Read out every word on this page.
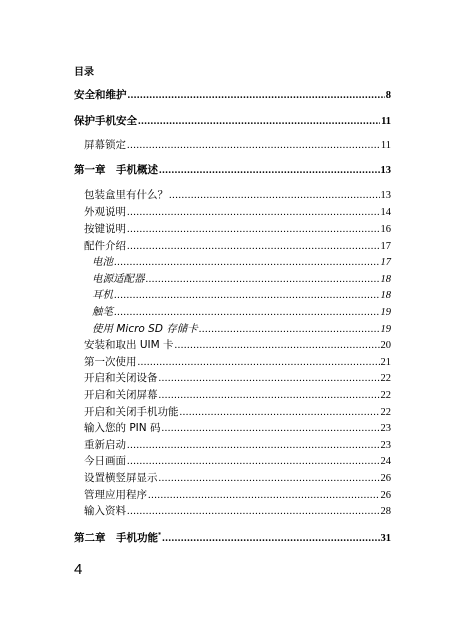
目录
安全和维护 .....	8
保护手机安全 .....	11
屏幕锁定 .....	11
第一章　手机概述 .....	13
包装盒里有什么？ .....	13
外观说明 .....	14
按键说明 .....	16
配件介绍 .....	17
电池 .....	17
电源适配器 .....	18
耳机 .....	18
触笔 .....	19
使用 Micro SD 存储卡 .....	19
安装和取出 UIM 卡 .....	20
第一次使用 .....	21
开启和关闭设备 .....	22
开启和关闭屏幕 .....	22
开启和关闭手机功能 .....	22
输入您的 PIN 码 .....	23
重新启动 .....	23
今日画面 .....	24
设置横竖屏显示 .....	26
管理应用程序 .....	26
输入资料 .....	28
第二章　手机功能* .....	31
4
